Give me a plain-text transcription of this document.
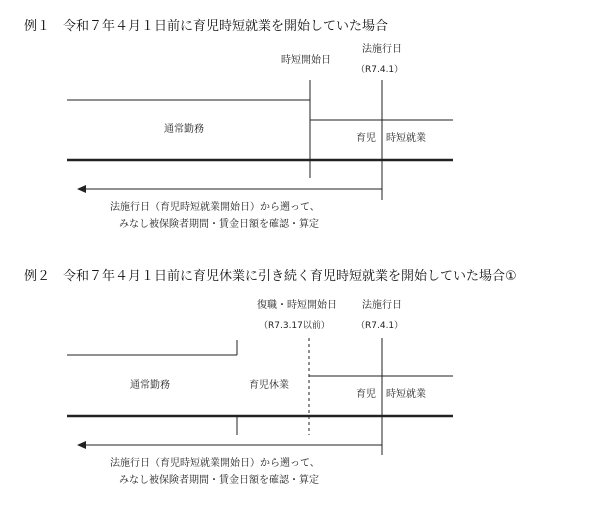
例１　令和７年４月１日前に育児時短就業を開始していた場合
時短開始日
法施行日
（R7.4.1）
通常勤務
育児 時短就業
法施行日（育児時短就業開始日）から遡って、
みなし被保険者期間・賃金日額を確認・算定
例２　令和７年４月１日前に育児休業に引き続く育児時短就業を開始していた場合①
復職・時短開始日
（R7.3.17以前）
法施行日
（R7.4.1）
通常勤務	育児休業
育児 時短就業
法施行日（育児時短就業開始日）から遡って、
みなし被保険者期間・賃金日額を確認・算定
